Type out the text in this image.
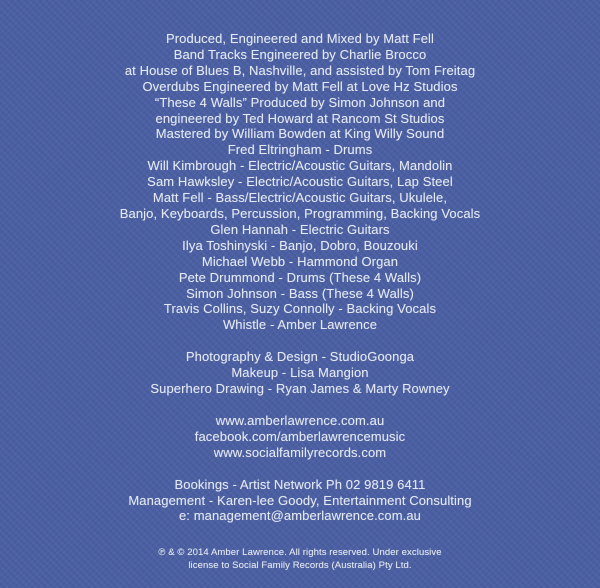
Produced, Engineered and Mixed by Matt Fell
Band Tracks Engineered by Charlie Brocco
at House of Blues B, Nashville, and assisted by Tom Freitag
Overdubs Engineered by Matt Fell at Love Hz Studios
“These 4 Walls” Produced by Simon Johnson and
engineered by Ted Howard at Rancom St Studios
Mastered by William Bowden at King Willy Sound
Fred Eltringham - Drums
Will Kimbrough - Electric/Acoustic Guitars, Mandolin
Sam Hawksley - Electric/Acoustic Guitars, Lap Steel
Matt Fell - Bass/Electric/Acoustic Guitars, Ukulele,
Banjo, Keyboards, Percussion, Programming, Backing Vocals
Glen Hannah - Electric Guitars
Ilya Toshinyski - Banjo, Dobro, Bouzouki
Michael Webb - Hammond Organ
Pete Drummond - Drums (These 4 Walls)
Simon Johnson - Bass (These 4 Walls)
Travis Collins, Suzy Connolly - Backing Vocals
Whistle - Amber Lawrence
Photography & Design - StudioGoonga
Makeup - Lisa Mangion
Superhero Drawing - Ryan James & Marty Rowney
www.amberlawrence.com.au
facebook.com/amberlawrencemusic
www.socialfamilyrecords.com
Bookings - Artist Network Ph 02 9819 6411
Management - Karen-lee Goody, Entertainment Consulting
e: management@amberlawrence.com.au
℗ & © 2014 Amber Lawrence. All rights reserved. Under exclusive
license to Social Family Records (Australia) Pty Ltd.
